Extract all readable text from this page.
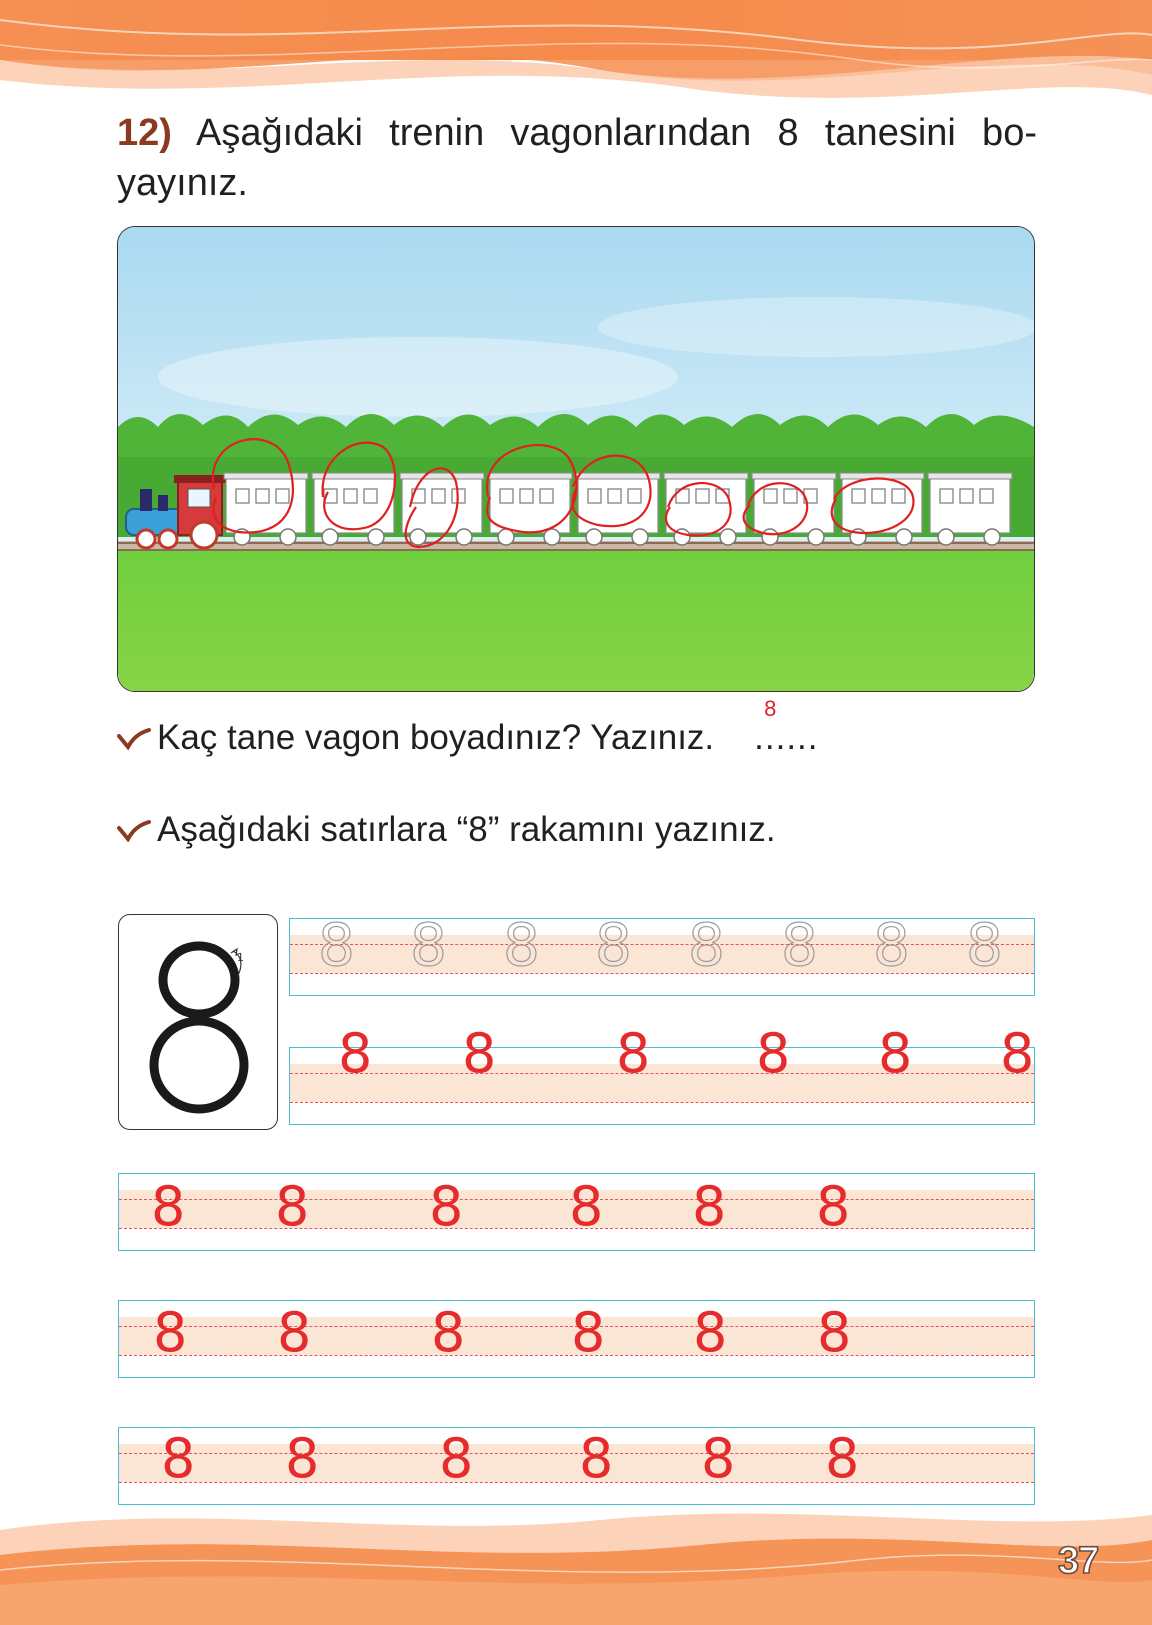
12) Aşağıdaki trenin vagonlarından 8 tanesini bo-yayınız.
Kaç tane vagon boyadınız? Yazınız. ......
8
Aşağıdaki satırlara “8” rakamını yazınız.
1 8 8 8 8 8 8 8 8
8 8 8 8 8 8
8 8 8 8 8 8
8 8 8 8 8 8
8 8 8 8 8 8
37
